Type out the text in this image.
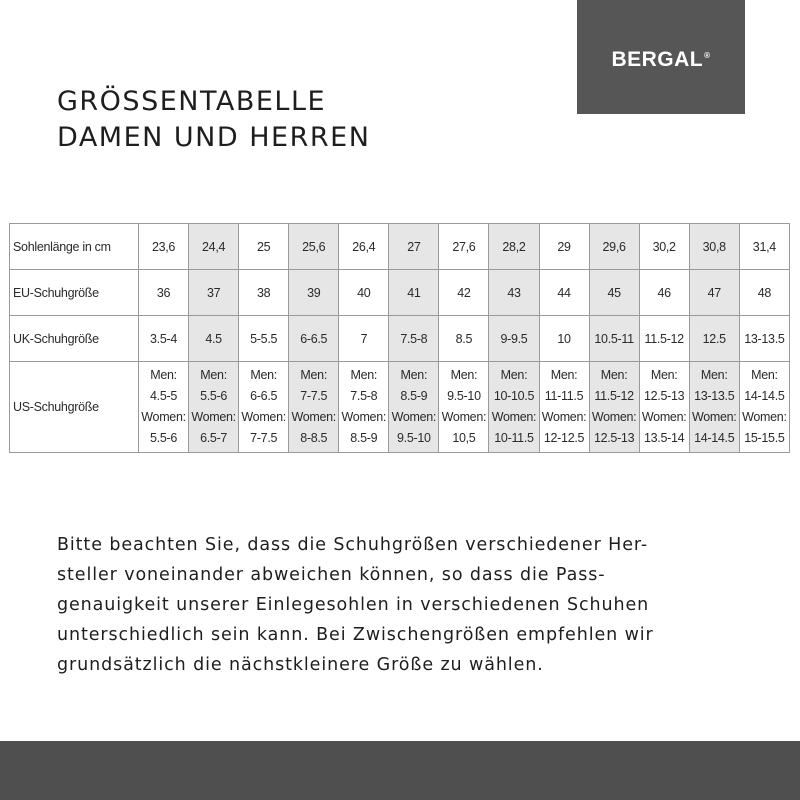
BERGAL®
GRÖSSENTABELLE
DAMEN UND HERREN
Sohlenlänge in cm	23,6	24,4	25	25,6	26,4	27	27,6	28,2	29	29,6	30,2	30,8	31,4
EU-Schuhgröße	36	37	38	39	40	41	42	43	44	45	46	47	48
UK-Schuhgröße	3.5-4	4.5	5-5.5	6-6.5	7	7.5-8	8.5	9-9.5	10	10.5-11	11.5-12	12.5	13-13.5
US-Schuhgröße	Men:
4.5-5
Women:
5.5-6	Men:
5.5-6
Women:
6.5-7	Men:
6-6.5
Women:
7-7.5	Men:
7-7.5
Women:
8-8.5	Men:
7.5-8
Women:
8.5-9	Men:
8.5-9
Women:
9.5-10	Men:
9.5-10
Women:
10,5	Men:
10-10.5
Women:
10-11.5	Men:
11-11.5
Women:
12-12.5	Men:
11.5-12
Women:
12.5-13	Men:
12.5-13
Women:
13.5-14	Men:
13-13.5
Women:
14-14.5	Men:
14-14.5
Women:
15-15.5
Bitte beachten Sie, dass die Schuhgrößen verschiedener Her-
steller voneinander abweichen können, so dass die Pass-
genauigkeit unserer Einlegesohlen in verschiedenen Schuhen
unterschiedlich sein kann. Bei Zwischengrößen empfehlen wir
grundsätzlich die nächstkleinere Größe zu wählen.
